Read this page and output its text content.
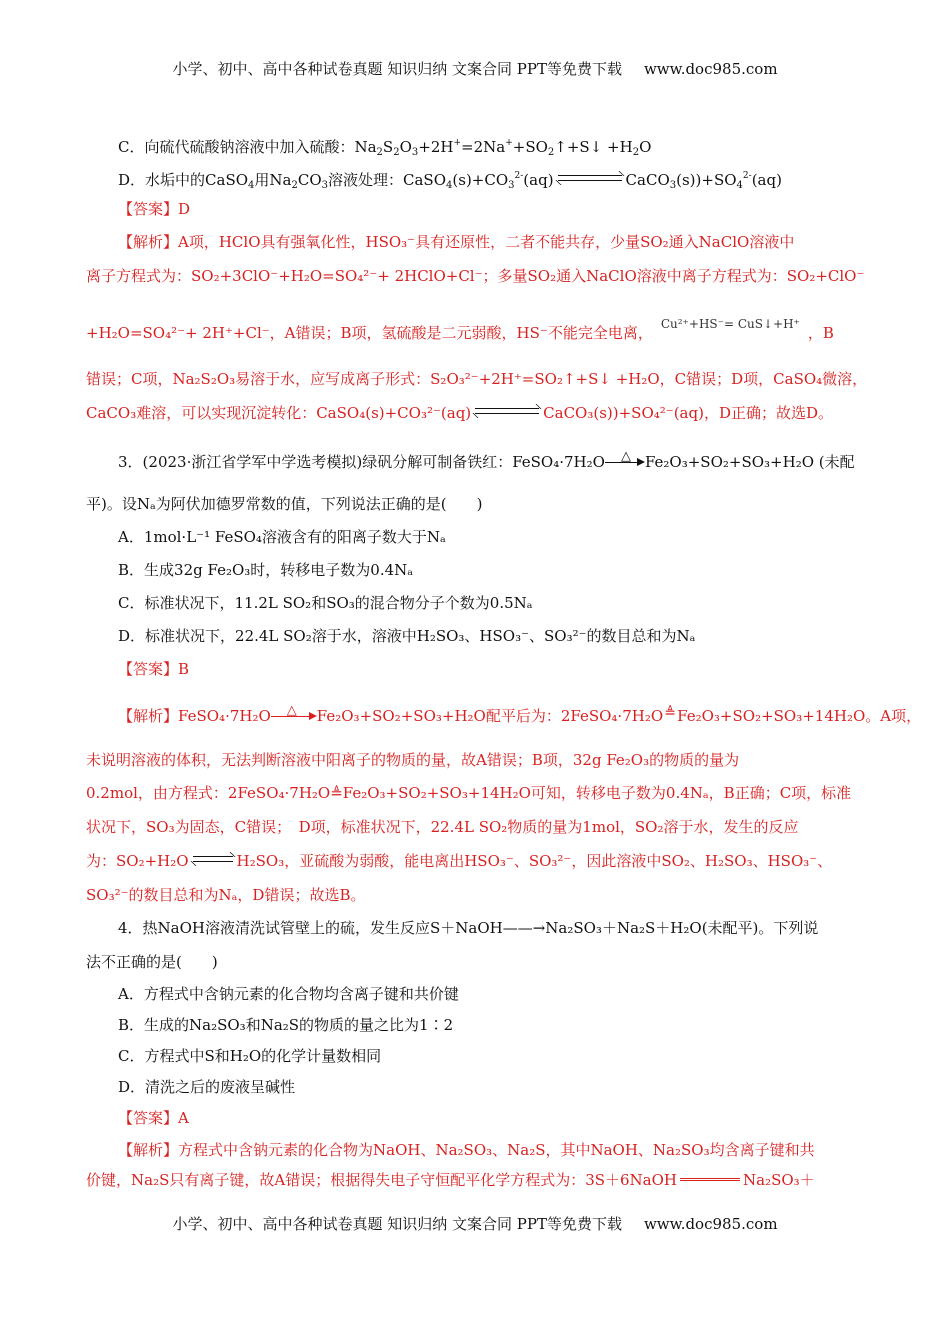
小学、初中、高中各种试卷真题 知识归纳 文案合同 PPT等免费下载 www.doc985.com
C．向硫代硫酸钠溶液中加入硫酸：$Na_2S_2O_3+2H^+=2Na^++SO_2↑+S↓ +H_2O$
D．水垢中的CaSO$_4$用$Na_2CO_3$溶液处理：$CaSO_4(s)+CO_3^{2-}(aq)$	$CaCO_3(s))+SO_4^{2-}(aq)$
【答案】D
【解析】A项，HClO具有强氧化性，HSO₃⁻具有还原性，二者不能共存，少量SO₂通入NaClO溶液中
离子方程式为：SO₂+3ClO⁻+H₂O=SO₄²⁻+ 2HClO+Cl⁻；多量SO₂通入NaClO溶液中离子方程式为：SO₂+ClO⁻
+H₂O=SO₄²⁻+ 2H⁺+Cl⁻，A错误；B项，氢硫酸是二元弱酸，HS⁻不能完全电离， $^{Cu^{2+}+HS^-= CuS↓+H^+}$ ，B
错误；C项，Na₂S₂O₃易溶于水，应写成离子形式：S₂O₃²⁻+2H⁺=SO₂↑+S↓ +H₂O，C错误；D项，CaSO₄微溶，
CaCO₃难溶，可以实现沉淀转化：CaSO₄(s)+CO₃²⁻(aq)	CaCO₃(s))+SO₄²⁻(aq)，D正确；故选D。
3．(2023·浙江省学军中学选考模拟)绿矾分解可制备铁红：FeSO₄·7H₂O △ Fe₂O₃+SO₂+SO₃+H₂O (未配
平)。设Nₐ为阿伏加德罗常数的值，下列说法正确的是(　　)
A．1mol·L⁻¹ FeSO₄溶液含有的阳离子数大于Nₐ
B．生成32g Fe₂O₃时，转移电子数为0.4Nₐ
C．标准状况下，11.2L SO₂和SO₃的混合物分子个数为0.5Nₐ
D．标准状况下，22.4L SO₂溶于水，溶液中H₂SO₃、HSO₃⁻、SO₃²⁻的数目总和为Nₐ
【答案】B
【解析】FeSO₄·7H₂O △ Fe₂O₃+SO₂+SO₃+H₂O配平后为：2FeSO₄·7H₂O≜Fe₂O₃+SO₂+SO₃+14H₂O。A项，
未说明溶液的体积，无法判断溶液中阳离子的物质的量，故A错误；B项，32g Fe₂O₃的物质的量为
0.2mol，由方程式：2FeSO₄·7H₂O≜Fe₂O₃+SO₂+SO₃+14H₂O可知，转移电子数为0.4Nₐ，B正确；C项，标准
状况下，SO₃为固态，C错误；　D项，标准状况下，22.4L SO₂物质的量为1mol，SO₂溶于水，发生的反应
为：SO₂+H₂O	H₂SO₃，亚硫酸为弱酸，能电离出HSO₃⁻、SO₃²⁻，因此溶液中SO₂、H₂SO₃、HSO₃⁻、
SO₃²⁻的数目总和为Nₐ，D错误；故选B。
4．热NaOH溶液清洗试管壁上的硫，发生反应S＋NaOH——→Na₂SO₃＋Na₂S＋H₂O(未配平)。下列说
法不正确的是(　　)
A．方程式中含钠元素的化合物均含离子键和共价键
B．生成的Na₂SO₃和Na₂S的物质的量之比为1∶2
C．方程式中S和H₂O的化学计量数相同
D．清洗之后的废液呈碱性
【答案】A
【解析】方程式中含钠元素的化合物为NaOH、Na₂SO₃、Na₂S，其中NaOH、Na₂SO₃均含离子键和共
价键，Na₂S只有离子键，故A错误；根据得失电子守恒配平化学方程式为：3S＋6NaOH	Na₂SO₃＋
小学、初中、高中各种试卷真题 知识归纳 文案合同 PPT等免费下载 www.doc985.com
